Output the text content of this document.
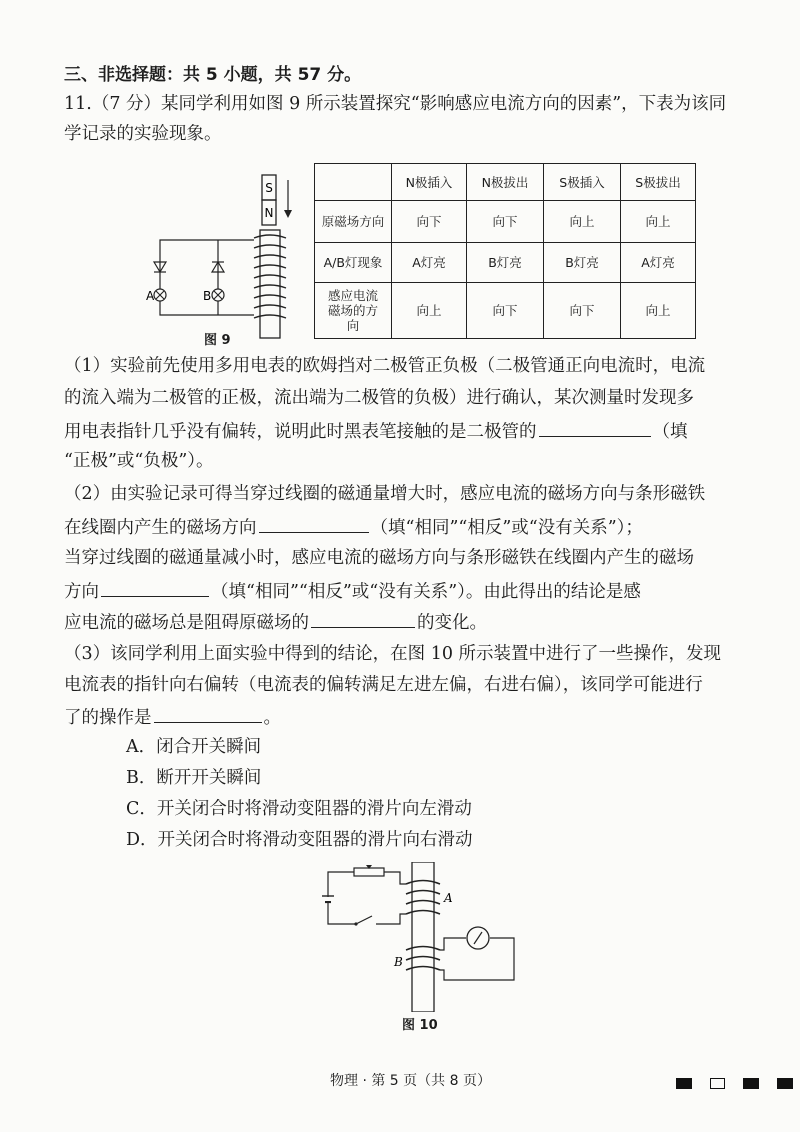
三、非选择题：共 5 小题，共 57 分。
11.（7 分）某同学利用如图 9 所示装置探究“影响感应电流方向的因素”，下表为该同
学记录的实验现象。
S
N
A	B
图 9
	N极插入	N极拔出	S极插入	S极拔出
原磁场方向	向下	向下	向上	向上
A/B灯现象	A灯亮	B灯亮	B灯亮	A灯亮
感应电流磁场的方向	向上	向下	向下	向上
（1）实验前先使用多用电表的欧姆挡对二极管正负极（二极管通正向电流时，电流
的流入端为二极管的正极，流出端为二极管的负极）进行确认，某次测量时发现多
用电表指针几乎没有偏转，说明此时黑表笔接触的是二极管的	（填
“正极”或“负极”）。
（2）由实验记录可得当穿过线圈的磁通量增大时，感应电流的磁场方向与条形磁铁
在线圈内产生的磁场方向	（填“相同”“相反”或“没有关系”）；
当穿过线圈的磁通量减小时，感应电流的磁场方向与条形磁铁在线圈内产生的磁场
方向	（填“相同”“相反”或“没有关系”）。由此得出的结论是感
应电流的磁场总是阻碍原磁场的	的变化。
（3）该同学利用上面实验中得到的结论，在图 10 所示装置中进行了一些操作，发现
电流表的指针向右偏转（电流表的偏转满足左进左偏，右进右偏），该同学可能进行
了的操作是	。
A．闭合开关瞬间
B．断开开关瞬间
C．开关闭合时将滑动变阻器的滑片向左滑动
D．开关闭合时将滑动变阻器的滑片向右滑动
A
B
图 10
物理 · 第 5 页（共 8 页）
